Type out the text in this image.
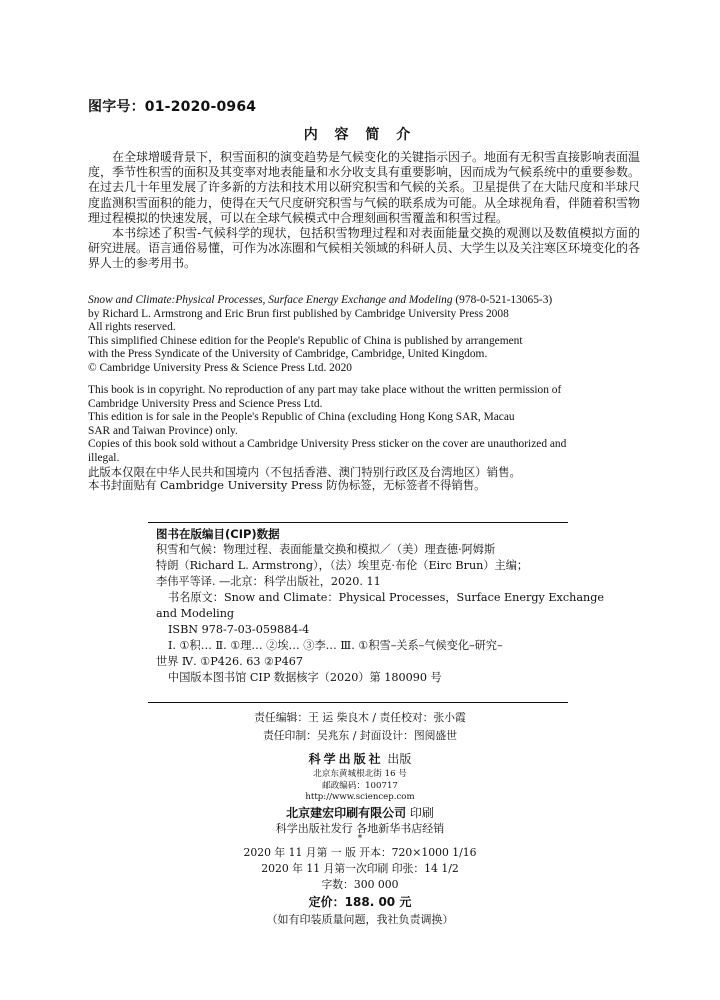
图字号：01-2020-0964
内 容 简 介

在全球增暖背景下，积雪面积的演变趋势是气候变化的关键指示因子。地面有无积雪直接影响表面温度，季节性积雪的面积及其变率对地表能量和水分收支具有重要影响，因而成为气候系统中的重要参数。在过去几十年里发展了许多新的方法和技术用以研究积雪和气候的关系。卫星提供了在大陆尺度和半球尺度监测积雪面积的能力，使得在天气尺度研究积雪与气候的联系成为可能。从全球视角看，伴随着积雪物理过程模拟的快速发展，可以在全球气候模式中合理刻画积雪覆盖和积雪过程。

本书综述了积雪-气候科学的现状，包括积雪物理过程和对表面能量交换的观测以及数值模拟方面的研究进展。语言通俗易懂，可作为冰冻圈和气候相关领域的科研人员、大学生以及关注寒区环境变化的各界人士的参考用书。

Snow and Climate:Physical Processes, Surface Energy Exchange and Modeling (978-0-521-13065-3)
by Richard L. Armstrong and Eric Brun first published by Cambridge University Press 2008
All rights reserved.
This simplified Chinese edition for the People's Republic of China is published by arrangement
with the Press Syndicate of the University of Cambridge, Cambridge, United Kingdom.
© Cambridge University Press & Science Press Ltd. 2020
This book is in copyright. No reproduction of any part may take place without the written permission of
Cambridge University Press and Science Press Ltd.
This edition is for sale in the People's Republic of China (excluding Hong Kong SAR, Macau
SAR and Taiwan Province) only.
Copies of this book sold without a Cambridge University Press sticker on the cover are unauthorized and
illegal.
此版本仅限在中华人民共和国境内（不包括香港、澳门特别行政区及台湾地区）销售。
本书封面贴有 Cambridge University Press 防伪标签，无标签者不得销售。
图书在版编目(CIP)数据
积雪和气候：物理过程、表面能量交换和模拟／（美）理查德·阿姆斯
特朗（Richard L. Armstrong），（法）埃里克·布伦（Eirc Brun）主编；
李伟平等译. —北京：科学出版社，2020. 11
书名原文：Snow and Climate：Physical Processes，Surface Energy Exchange
and Modeling
ISBN 978-7-03-059884-4
Ⅰ. ①积… Ⅱ. ①理… ②埃… ③李… Ⅲ. ①积雪–关系–气候变化–研究–
世界 Ⅳ. ①P426. 63 ②P467
中国版本图书馆 CIP 数据核字（2020）第 180090 号
责任编辑：王 运 柴良木 / 责任校对：张小霞
责任印制：吴兆东 / 封面设计：图阅盛世
科学出版社 出版
北京东黄城根北街 16 号
邮政编码：100717
http://www.sciencep.com
北京建宏印刷有限公司 印刷
科学出版社发行 各地新华书店经销
*
2020 年 11 月第 一 版 开本：720×1000 1/16
2020 年 11 月第一次印刷 印张：14 1/2
字数：300 000
定价：188. 00 元
（如有印装质量问题，我社负责调换）
